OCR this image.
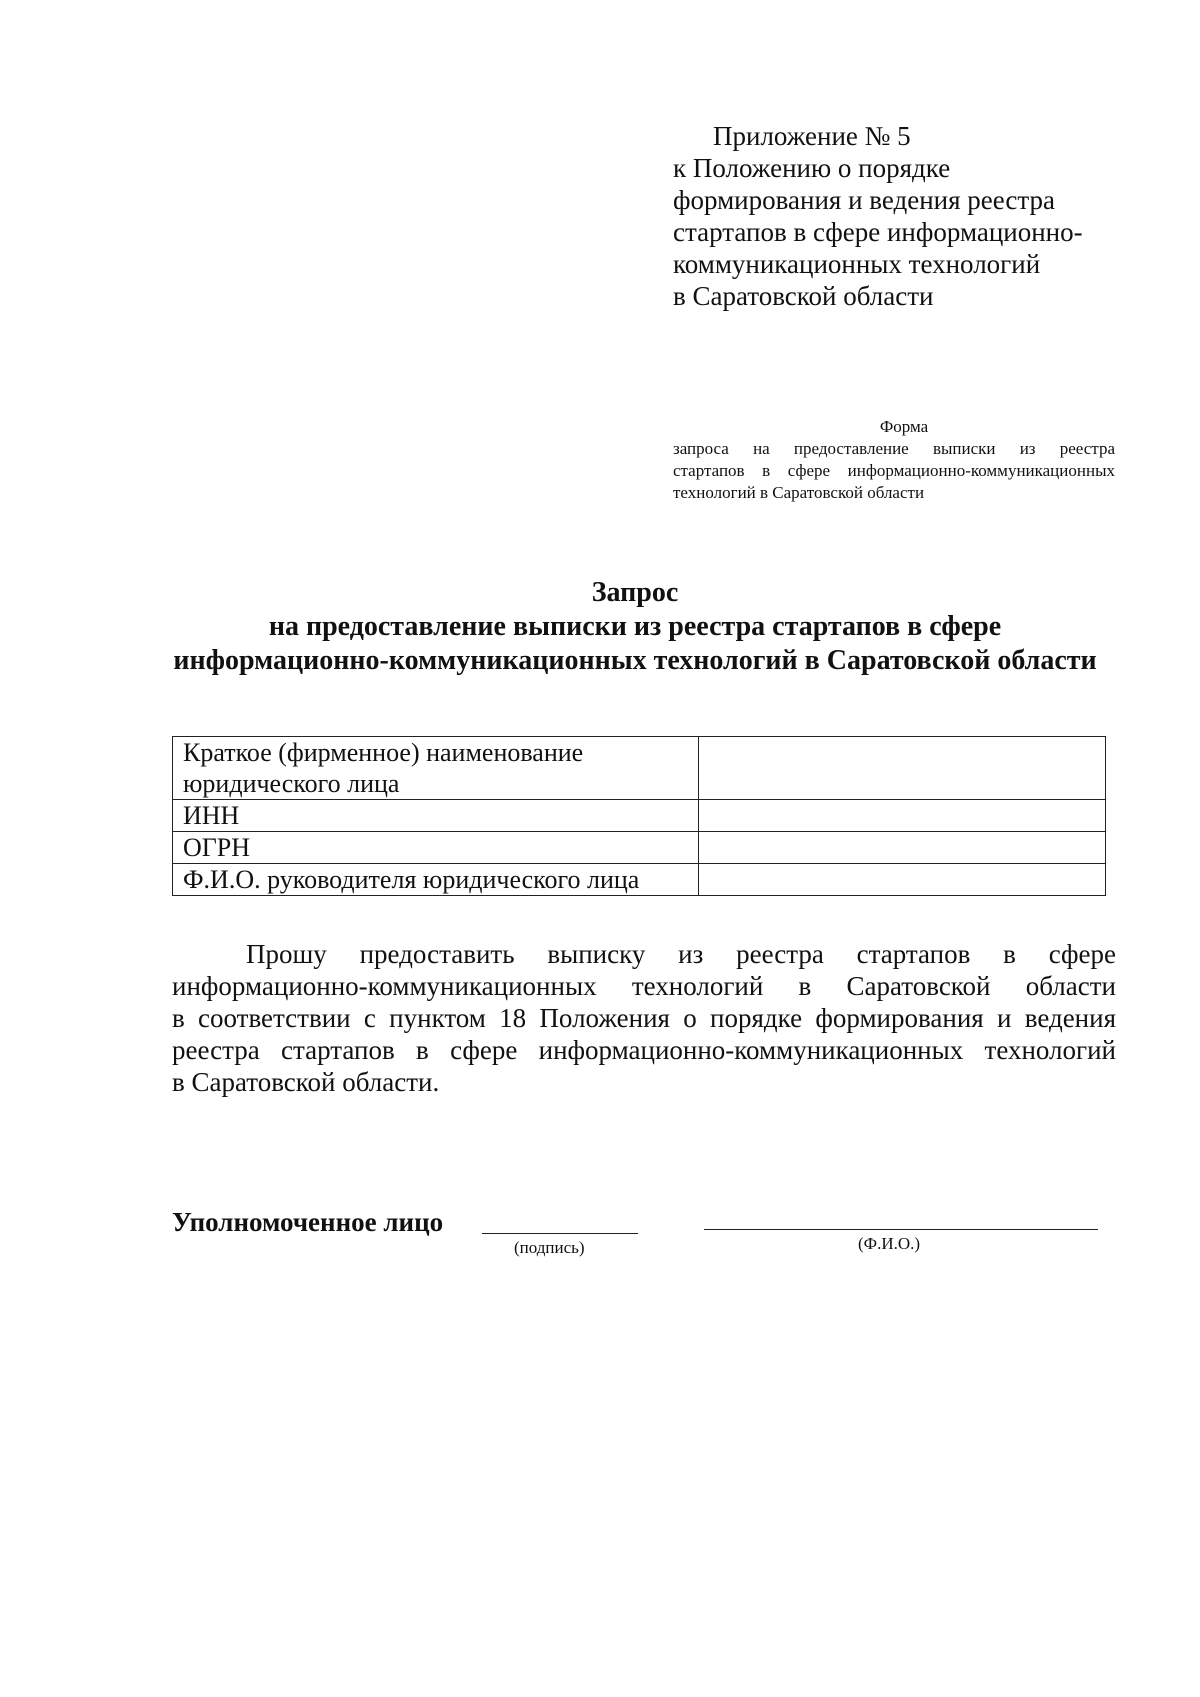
Приложение № 5
к Положению о порядке
формирования и ведения реестра
стартапов в сфере информационно-
коммуникационных технологий
в Саратовской области
Форма
запроса на предоставление выписки из реестра
стартапов в сфере информационно-коммуникационных
технологий в Саратовской области
Запрос
на предоставление выписки из реестра стартапов в сфере
информационно-коммуникационных технологий в Саратовской области
Краткое (фирменное) наименование юридического лица	
ИНН	
ОГРН	
Ф.И.О. руководителя юридического лица	
Прошу предоставить выписку из реестра стартапов в сфере
информационно-коммуникационных технологий в Саратовской области
в соответствии с пунктом 18 Положения о порядке формирования и ведения
реестра стартапов в сфере информационно-коммуникационных технологий
в Саратовской области.
Уполномоченное лицо
(подпись)	(Ф.И.О.)
